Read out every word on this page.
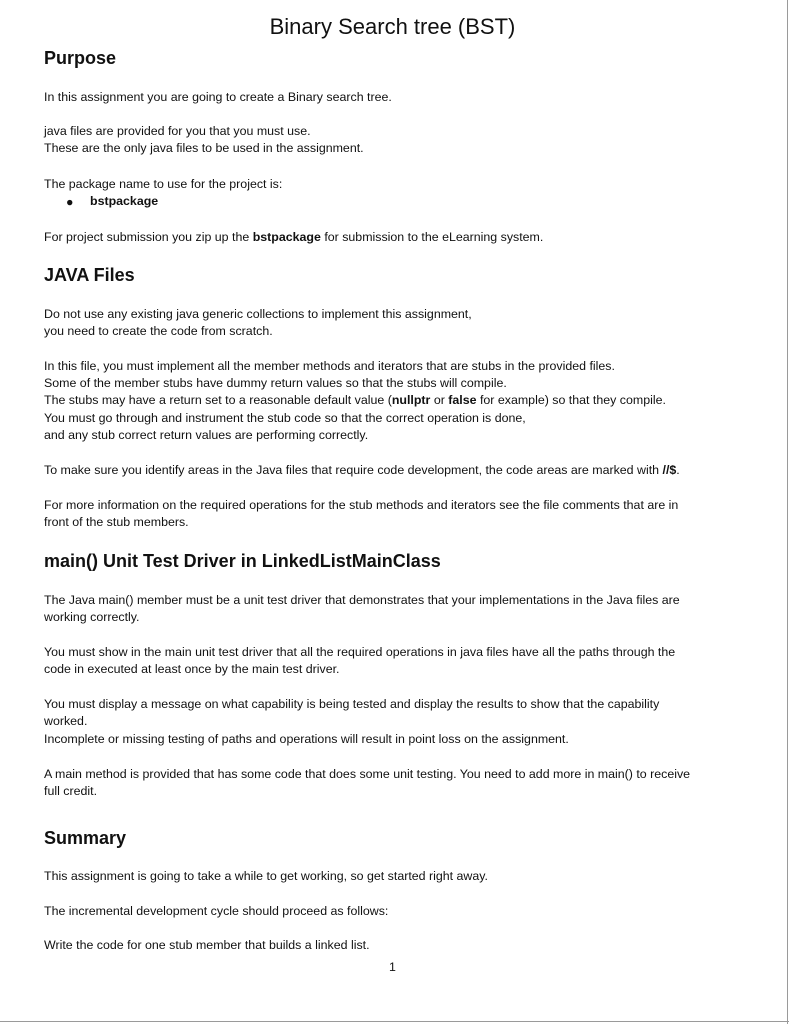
Binary Search tree (BST)
Purpose
In this assignment you are going to create a Binary search tree.
java files are provided for you that you must use.
These are the only java files to be used in the assignment.
The package name to use for the project is:
● bstpackage
For project submission you zip up the bstpackage for submission to the eLearning system.
JAVA Files
Do not use any existing java generic collections to implement this assignment,
you need to create the code from scratch.
In this file, you must implement all the member methods and iterators that are stubs in the provided files.
Some of the member stubs have dummy return values so that the stubs will compile.
The stubs may have a return set to a reasonable default value (nullptr or false for example) so that they compile.
You must go through and instrument the stub code so that the correct operation is done,
and any stub correct return values are performing correctly.
To make sure you identify areas in the Java files that require code development, the code areas are marked with //$.
For more information on the required operations for the stub methods and iterators see the file comments that are in
front of the stub members.
main() Unit Test Driver in LinkedListMainClass
The Java main() member must be a unit test driver that demonstrates that your implementations in the Java files are
working correctly.
You must show in the main unit test driver that all the required operations in java files have all the paths through the
code in executed at least once by the main test driver.
You must display a message on what capability is being tested and display the results to show that the capability
worked.
Incomplete or missing testing of paths and operations will result in point loss on the assignment.
A main method is provided that has some code that does some unit testing. You need to add more in main() to receive
full credit.
Summary
This assignment is going to take a while to get working, so get started right away.
The incremental development cycle should proceed as follows:
Write the code for one stub member that builds a linked list.
1
